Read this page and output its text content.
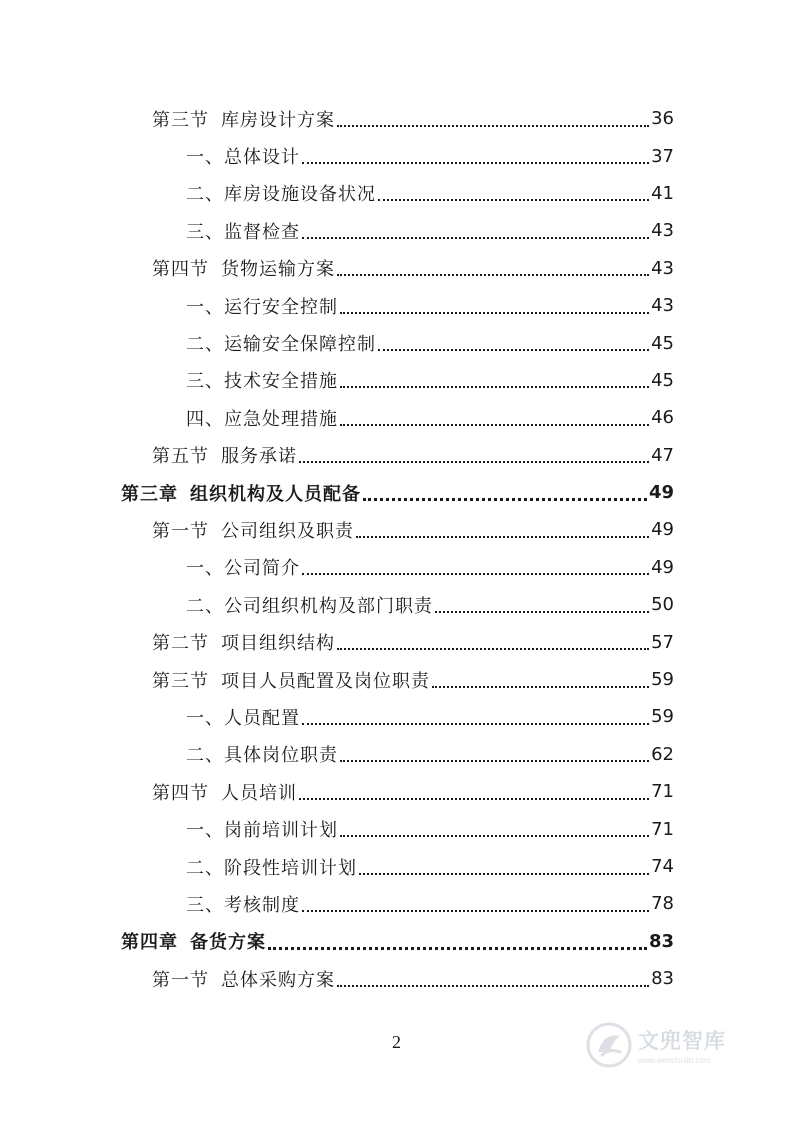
第三节 库房设计方案	36
一、总体设计	37
二、库房设施设备状况	41
三、监督检查	43
第四节 货物运输方案	43
一、运行安全控制	43
二、运输安全保障控制	45
三、技术安全措施	45
四、应急处理措施	46
第五节 服务承诺	47
第三章 组织机构及人员配备	49
第一节 公司组织及职责	49
一、公司简介	49
二、公司组织机构及部门职责	50
第二节 项目组织结构	57
第三节 项目人员配置及岗位职责	59
一、人员配置	59
二、具体岗位职责	62
第四节 人员培训	71
一、岗前培训计划	71
二、阶段性培训计划	74
三、考核制度	78
第四章 备货方案	83
第一节 总体采购方案	83
2	文兜智库
www.wendoulib.com
